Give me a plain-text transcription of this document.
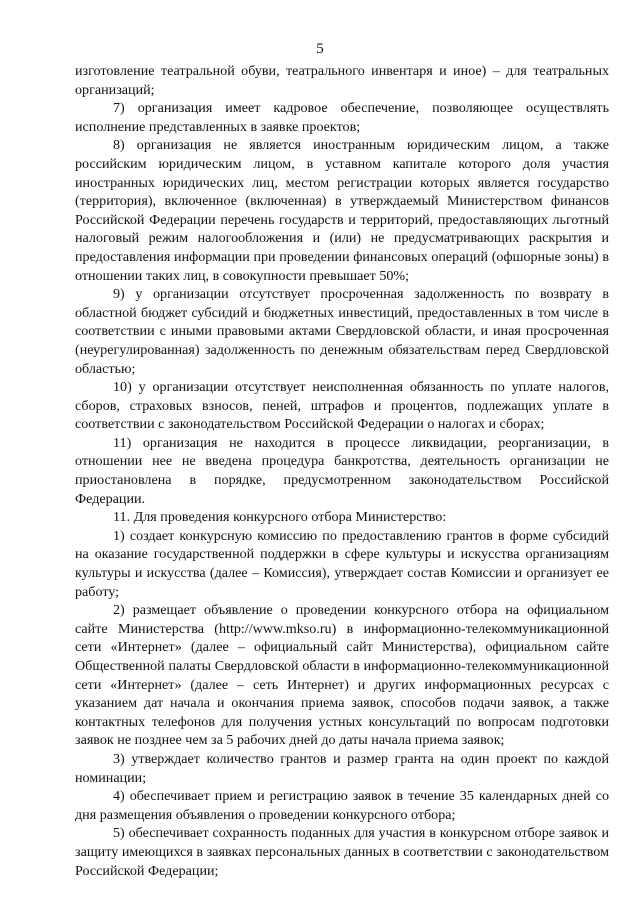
5

изготовление театральной обуви, театрального инвентаря и иное) – для театральных организаций;

7) организация имеет кадровое обеспечение, позволяющее осуществлять исполнение представленных в заявке проектов;

8) организация не является иностранным юридическим лицом, а также российским юридическим лицом, в уставном капитале которого доля участия иностранных юридических лиц, местом регистрации которых является государство (территория), включенное (включенная) в утверждаемый Министерством финансов Российской Федерации перечень государств и территорий, предоставляющих льготный налоговый режим налогообложения и (или) не предусматривающих раскрытия и предоставления информации при проведении финансовых операций (офшорные зоны) в отношении таких лиц, в совокупности превышает 50%;

9) у организации отсутствует просроченная задолженность по возврату в областной бюджет субсидий и бюджетных инвестиций, предоставленных в том числе в соответствии с иными правовыми актами Свердловской области, и иная просроченная (неурегулированная) задолженность по денежным обязательствам перед Свердловской областью;

10) у организации отсутствует неисполненная обязанность по уплате налогов, сборов, страховых взносов, пеней, штрафов и процентов, подлежащих уплате в соответствии с законодательством Российской Федерации о налогах и сборах;

11) организация не находится в процессе ликвидации, реорганизации, в отношении нее не введена процедура банкротства, деятельность организации не приостановлена в порядке, предусмотренном законодательством Российской Федерации.

11. Для проведения конкурсного отбора Министерство:

1) создает конкурсную комиссию по предоставлению грантов в форме субсидий на оказание государственной поддержки в сфере культуры и искусства организациям культуры и искусства (далее – Комиссия), утверждает состав Комиссии и организует ее работу;

2) размещает объявление о проведении конкурсного отбора на официальном сайте Министерства (http://www.mkso.ru) в информационно-телекоммуникационной сети «Интернет» (далее – официальный сайт Министерства), официальном сайте Общественной палаты Свердловской области в информационно-телекоммуникационной сети «Интернет» (далее – сеть Интернет) и других информационных ресурсах с указанием дат начала и окончания приема заявок, способов подачи заявок, а также контактных телефонов для получения устных консультаций по вопросам подготовки заявок не позднее чем за 5 рабочих дней до даты начала приема заявок;

3) утверждает количество грантов и размер гранта на один проект по каждой номинации;

4) обеспечивает прием и регистрацию заявок в течение 35 календарных дней со дня размещения объявления о проведении конкурсного отбора;

5) обеспечивает сохранность поданных для участия в конкурсном отборе заявок и защиту имеющихся в заявках персональных данных в соответствии с законодательством Российской Федерации;
